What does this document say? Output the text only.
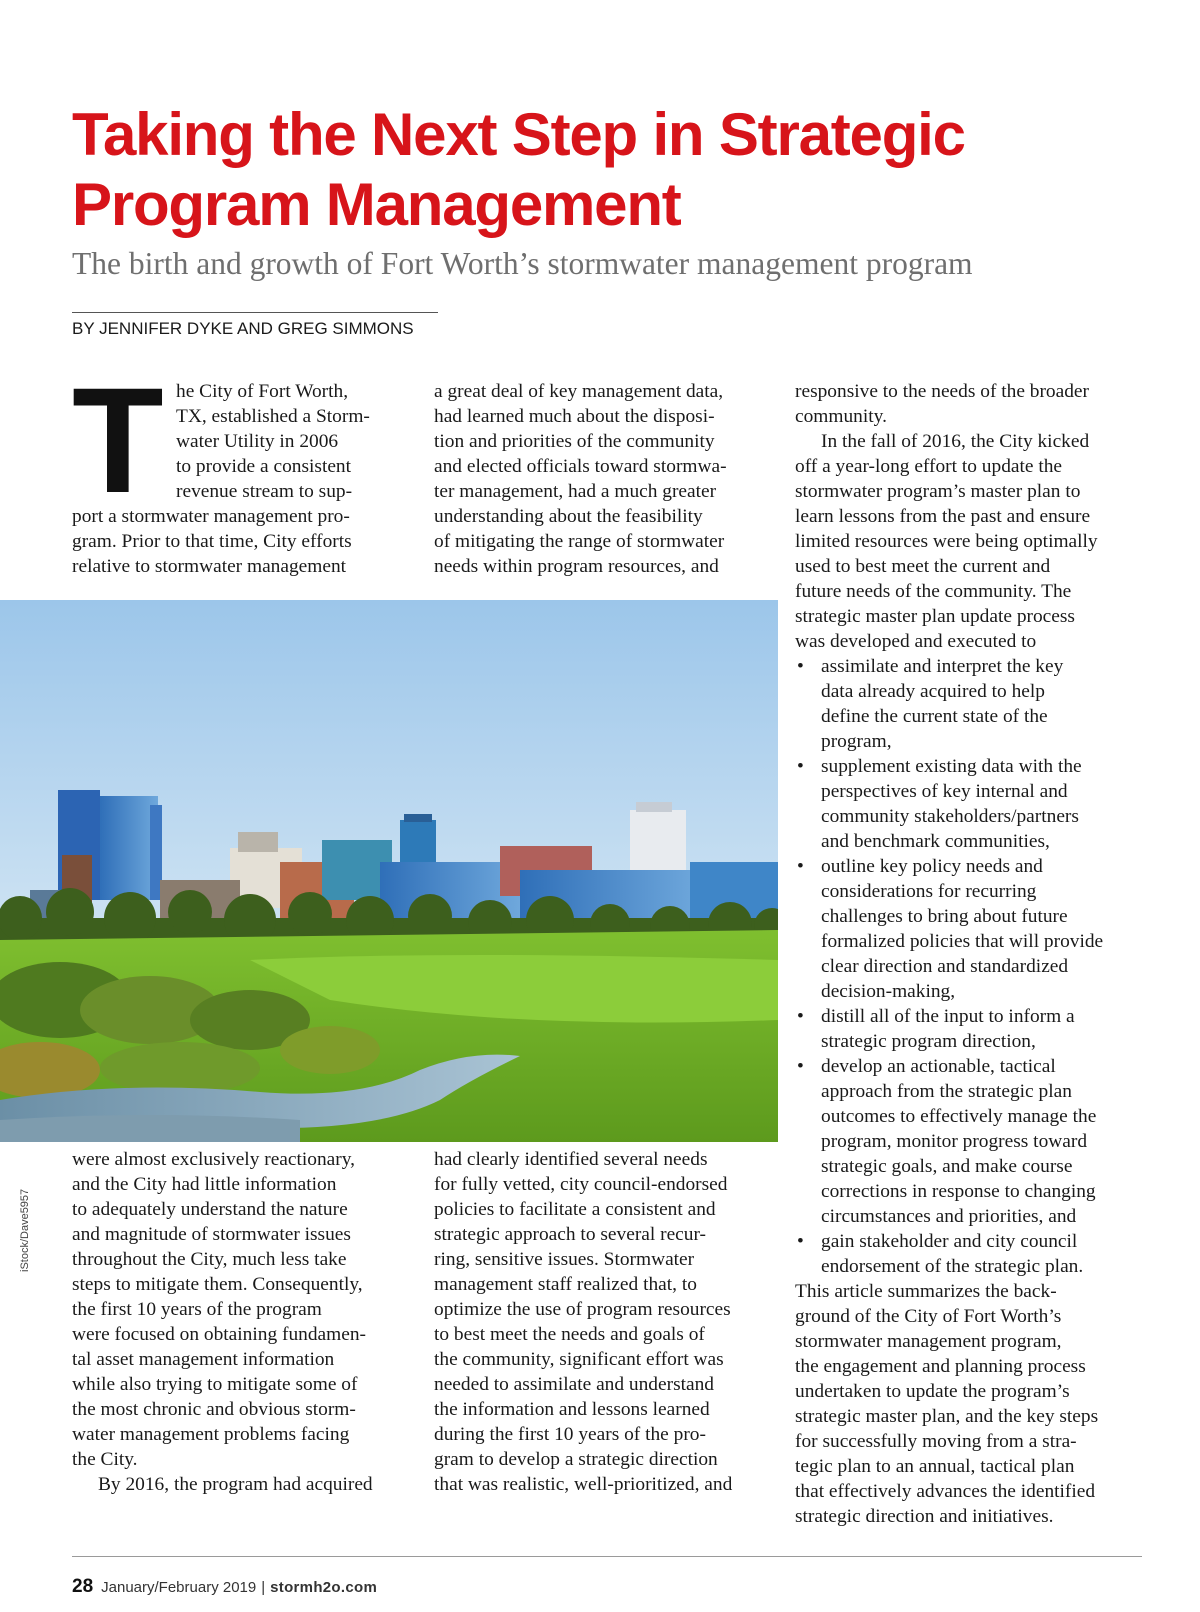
Taking the Next Step in Strategic
Program Management
The birth and growth of Fort Worth’s stormwater management program
BY JENNIFER DYKE AND GREG SIMMONS
T he City of Fort Worth,
TX, established a Storm-
water Utility in 2006
to provide a consistent
revenue stream to sup-
port a stormwater management pro-
gram. Prior to that time, City efforts
relative to stormwater management
a great deal of key management data,
had learned much about the disposi-
tion and priorities of the community
and elected officials toward stormwa-
ter management, had a much greater
understanding about the feasibility
of mitigating the range of stormwater
needs within program resources, and
iStock/Dave5957
were almost exclusively reactionary,
and the City had little information
to adequately understand the nature
and magnitude of stormwater issues
throughout the City, much less take
steps to mitigate them. Consequently,
the first 10 years of the program
were focused on obtaining fundamen-
tal asset management information
while also trying to mitigate some of
the most chronic and obvious storm-
water management problems facing
the City.
By 2016, the program had acquired
had clearly identified several needs
for fully vetted, city council-endorsed
policies to facilitate a consistent and
strategic approach to several recur-
ring, sensitive issues. Stormwater
management staff realized that, to
optimize the use of program resources
to best meet the needs and goals of
the community, significant effort was
needed to assimilate and understand
the information and lessons learned
during the first 10 years of the pro-
gram to develop a strategic direction
that was realistic, well-prioritized, and
responsive to the needs of the broader
community.
In the fall of 2016, the City kicked
off a year-long effort to update the
stormwater program’s master plan to
learn lessons from the past and ensure
limited resources were being optimally
used to best meet the current and
future needs of the community. The
strategic master plan update process
was developed and executed to
• assimilate and interpret the key
data already acquired to help
define the current state of the
program,
• supplement existing data with the
perspectives of key internal and
community stakeholders/partners
and benchmark communities,
• outline key policy needs and
considerations for recurring
challenges to bring about future
formalized policies that will provide
clear direction and standardized
decision-making,
• distill all of the input to inform a
strategic program direction,
• develop an actionable, tactical
approach from the strategic plan
outcomes to effectively manage the
program, monitor progress toward
strategic goals, and make course
corrections in response to changing
circumstances and priorities, and
• gain stakeholder and city council
endorsement of the strategic plan.
This article summarizes the back-
ground of the City of Fort Worth’s
stormwater management program,
the engagement and planning process
undertaken to update the program’s
strategic master plan, and the key steps
for successfully moving from a stra-
tegic plan to an annual, tactical plan
that effectively advances the identified
strategic direction and initiatives.
28 January/February 2019 | stormh2o.com
